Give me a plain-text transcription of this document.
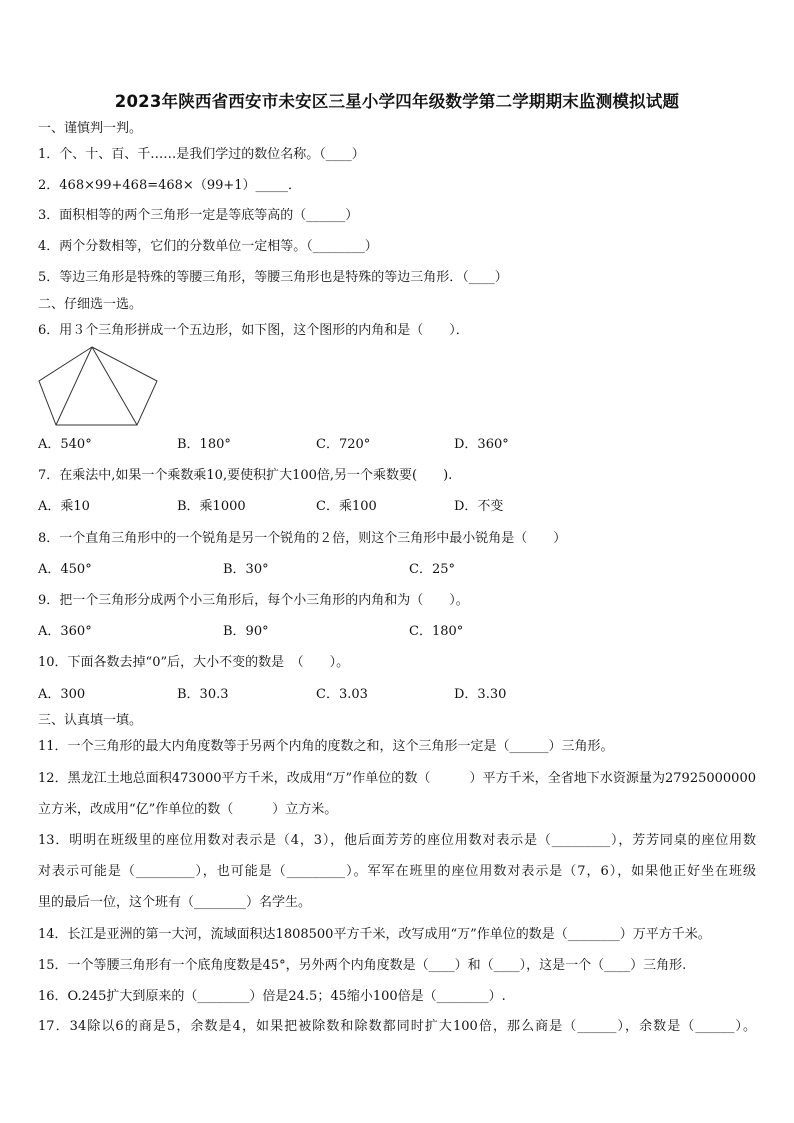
2023年陕西省西安市未安区三星小学四年级数学第二学期期末监测模拟试题
一、谨慎判一判。
1．个、十、百、千……是我们学过的数位名称。（____）
2．468×99+468=468×（99+1）_____．
3．面积相等的两个三角形一定是等底等高的（______）
4．两个分数相等，它们的分数单位一定相等。（________）
5．等边三角形是特殊的等腰三角形，等腰三角形也是特殊的等边三角形．（____）
二、仔细选一选。
6．用３个三角形拼成一个五边形，如下图，这个图形的内角和是（　　）．
A．540°	B．180°	C．720°	D．360°
7．在乘法中,如果一个乘数乘10,要使积扩大100倍,另一个乘数要(　　).
A．乘10	B．乘1000	C．乘100	D．不变
8．一个直角三角形中的一个锐角是另一个锐角的２倍，则这个三角形中最小锐角是（　　）
A．450°	B．30°	C．25°
9．把一个三角形分成两个小三角形后，每个小三角形的内角和为（　　）。
A．360°	B．90°	C．180°
10．下面各数去掉“0”后，大小不变的数是　（　　）。
A．300	B．30.3	C．3.03	D．3.30
三、认真填一填。
11．一个三角形的最大内角度数等于另两个内角的度数之和，这个三角形一定是（______）三角形。
12．黑龙江土地总面积473000平方千米，改成用“万”作单位的数（　　　）平方千米，全省地下水资源量为27925000000
立方米，改成用“亿”作单位的数（　　　）立方米。
13．明明在班级里的座位用数对表示是（4，3），他后面芳芳的座位用数对表示是（_________），芳芳同桌的座位用数
对表示可能是（_________），也可能是（_________）。军军在班里的座位用数对表示是（7，6），如果他正好坐在班级
里的最后一位，这个班有（________）名学生。
14．长江是亚洲的第一大河，流域面积达1808500平方千米，改写成用“万”作单位的数是（________）万平方千米。
15．一个等腰三角形有一个底角度数是45°，另外两个内角度数是（____）和（____），这是一个（____）三角形.
16．O.245扩大到原来的（________）倍是24.5；45缩小100倍是（________）.
17．34除以6的商是5，余数是4，如果把被除数和除数都同时扩大100倍，那么商是（______），余数是（______）。
